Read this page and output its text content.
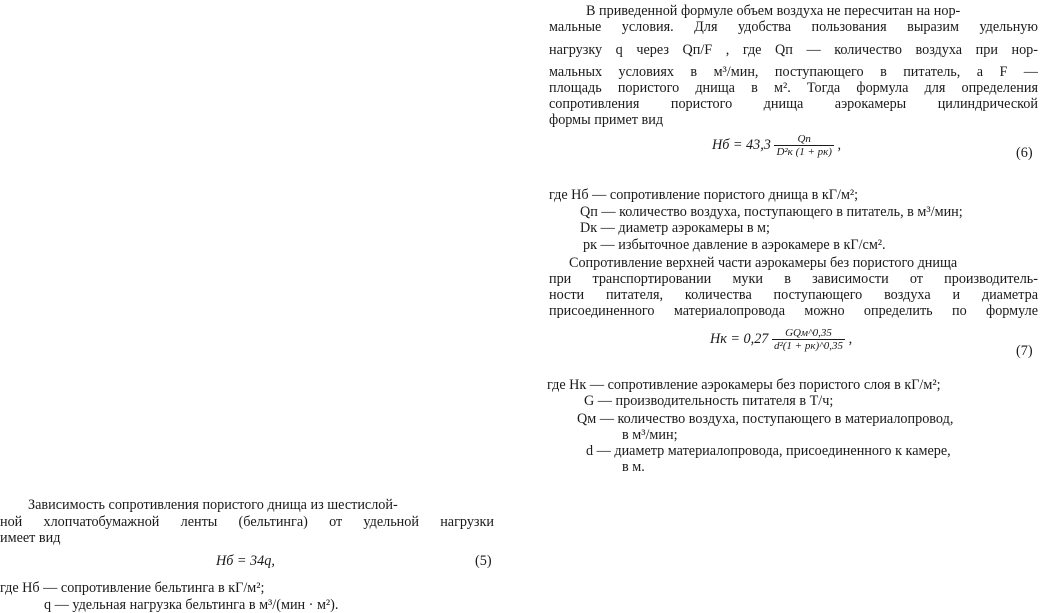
В приведенной формуле объем воздуха не пересчитан на нор-
мальные условия. Для удобства пользования выразим удельную
нагрузку q через Qп/F , где Qп — количество воздуха при нор-
мальных условиях в м³/мин, поступающего в питатель, а F —
площадь пористого днища в м². Тогда формула для определения
сопротивления пористого днища аэрокамеры цилиндрической
формы примет вид
Hб = $43,3 \frac{Qп}{\text{D²к (1 + pк)}}$ ,
(6)
где Hб — сопротивление пористого днища в кГ/м²;
Qп — количество воздуха, поступающего в питатель, в м³/мин;
Dк — диаметр аэрокамеры в м;
pк — избыточное давление в аэрокамере в кГ/см².
Сопротивление верхней части аэрокамеры без пористого днища
при транспортировании муки в зависимости от производитель-
ности питателя, количества поступающего воздуха и диаметра
присоединенного материалопровода можно определить по формуле
Hк = $0,27 \frac{\text{GQм\textasciicircum{}0,35}}{\text{d²(1 + pк)\textasciicircum{}0,35}}$ ,
(7)
где Hк — сопротивление аэрокамеры без пористого слоя в кГ/м²;
G — производительность питателя в Т/ч;
Qм — количество воздуха, поступающего в материалопровод,
в м³/мин;
d — диаметр материалопровода, присоединенного к камере,
в м.
Зависимость сопротивления пористого днища из шестислой-
ной хлопчатобумажной ленты (бельтинга) от удельной нагрузки
имеет вид
Hб = 34q,	(5)
где Hб — сопротивление бельтинга в кГ/м²;
q — удельная нагрузка бельтинга в м³/(мин · м²).
